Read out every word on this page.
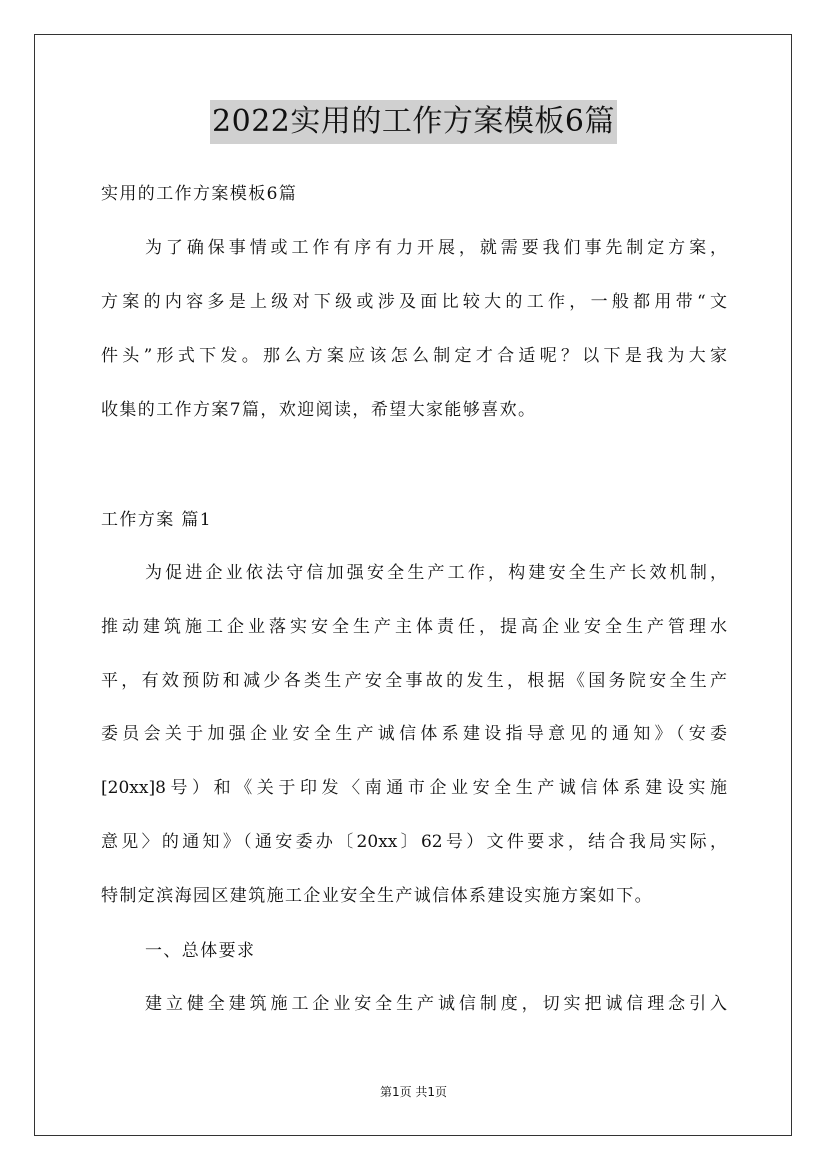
2022实用的工作方案模板6篇
实用的工作方案模板6篇
为了确保事情或工作有序有力开展，就需要我们事先制定方案，
方案的内容多是上级对下级或涉及面比较大的工作，一般都用带“文
件头”形式下发。那么方案应该怎么制定才合适呢？以下是我为大家
收集的工作方案7篇，欢迎阅读，希望大家能够喜欢。
工作方案 篇1
为促进企业依法守信加强安全生产工作，构建安全生产长效机制，
推动建筑施工企业落实安全生产主体责任，提高企业安全生产管理水
平，有效预防和减少各类生产安全事故的发生，根据《国务院安全生产
委员会关于加强企业安全生产诚信体系建设指导意见的通知》（安委
[20xx]8号）和《关于印发〈南通市企业安全生产诚信体系建设实施
意见〉的通知》（通安委办〔20xx〕62号）文件要求，结合我局实际，
特制定滨海园区建筑施工企业安全生产诚信体系建设实施方案如下。
一、总体要求
建立健全建筑施工企业安全生产诚信制度，切实把诚信理念引入
第1页 共1页
